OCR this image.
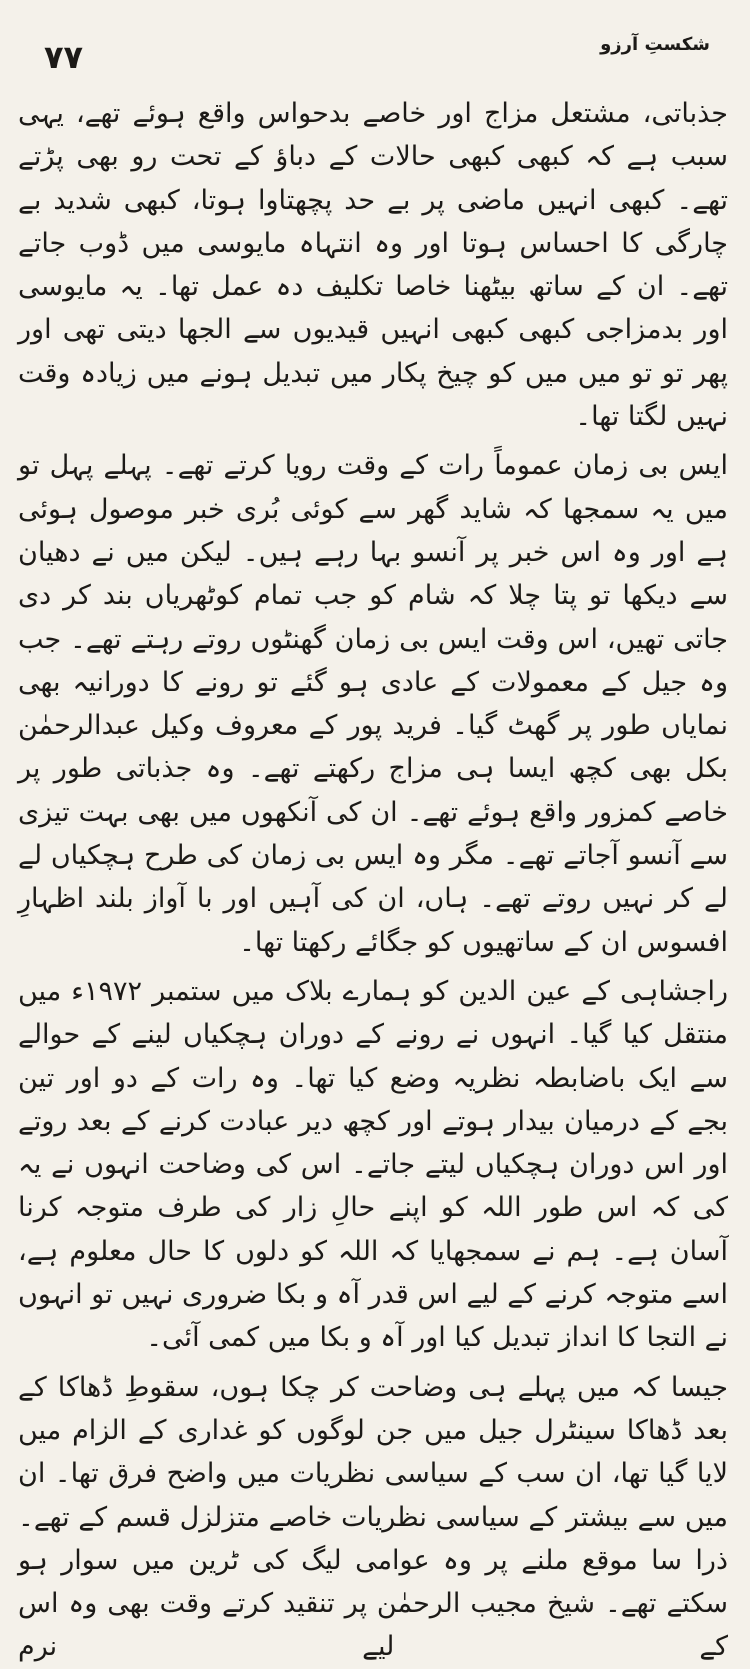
۷۷	شکستِ آرزو

جذباتی، مشتعل مزاج اور خاصے بدحواس واقع ہوئے تھے، یہی سبب ہے کہ کبھی کبھی حالات کے دباؤ کے تحت رو بھی پڑتے تھے۔ کبھی انہیں ماضی پر بے حد پچھتاوا ہوتا، کبھی شدید بے چارگی کا احساس ہوتا اور وہ انتہاہ مایوسی میں ڈوب جاتے تھے۔ ان کے ساتھ بیٹھنا خاصا تکلیف دہ عمل تھا۔ یہ مایوسی اور بدمزاجی کبھی کبھی انہیں قیدیوں سے الجھا دیتی تھی اور پھر تو تو میں میں کو چیخ پکار میں تبدیل ہونے میں زیادہ وقت نہیں لگتا تھا۔

ایس بی زمان عموماً رات کے وقت رویا کرتے تھے۔ پہلے پہل تو میں یہ سمجھا کہ شاید گھر سے کوئی بُری خبر موصول ہوئی ہے اور وہ اس خبر پر آنسو بہا رہے ہیں۔ لیکن میں نے دھیان سے دیکھا تو پتا چلا کہ شام کو جب تمام کوٹھریاں بند کر دی جاتی تھیں، اس وقت ایس بی زمان گھنٹوں روتے رہتے تھے۔ جب وہ جیل کے معمولات کے عادی ہو گئے تو رونے کا دورانیہ بھی نمایاں طور پر گھٹ گیا۔ فرید پور کے معروف وکیل عبدالرحمٰن بکل بھی کچھ ایسا ہی مزاج رکھتے تھے۔ وہ جذباتی طور پر خاصے کمزور واقع ہوئے تھے۔ ان کی آنکھوں میں بھی بہت تیزی سے آنسو آجاتے تھے۔ مگر وہ ایس بی زمان کی طرح ہچکیاں لے لے کر نہیں روتے تھے۔ ہاں، ان کی آہیں اور با آواز بلند اظہارِ افسوس ان کے ساتھیوں کو جگائے رکھتا تھا۔

راجشاہی کے عین الدین کو ہمارے بلاک میں ستمبر ۱۹۷۲ء میں منتقل کیا گیا۔ انہوں نے رونے کے دوران ہچکیاں لینے کے حوالے سے ایک باضابطہ نظریہ وضع کیا تھا۔ وہ رات کے دو اور تین بجے کے درمیان بیدار ہوتے اور کچھ دیر عبادت کرنے کے بعد روتے اور اس دوران ہچکیاں لیتے جاتے۔ اس کی وضاحت انہوں نے یہ کی کہ اس طور اللہ کو اپنے حالِ زار کی طرف متوجہ کرنا آسان ہے۔ ہم نے سمجھایا کہ اللہ کو دلوں کا حال معلوم ہے، اسے متوجہ کرنے کے لیے اس قدر آہ و بکا ضروری نہیں تو انہوں نے التجا کا انداز تبدیل کیا اور آہ و بکا میں کمی آئی۔

جیسا کہ میں پہلے ہی وضاحت کر چکا ہوں، سقوطِ ڈھاکا کے بعد ڈھاکا سینٹرل جیل میں جن لوگوں کو غداری کے الزام میں لایا گیا تھا، ان سب کے سیاسی نظریات میں واضح فرق تھا۔ ان میں سے بیشتر کے سیاسی نظریات خاصے متزلزل قسم کے تھے۔ ذرا سا موقع ملنے پر وہ عوامی لیگ کی ٹرین میں سوار ہو سکتے تھے۔ شیخ مجیب الرحمٰن پر تنقید کرتے وقت بھی وہ اس کے لیے نرم
